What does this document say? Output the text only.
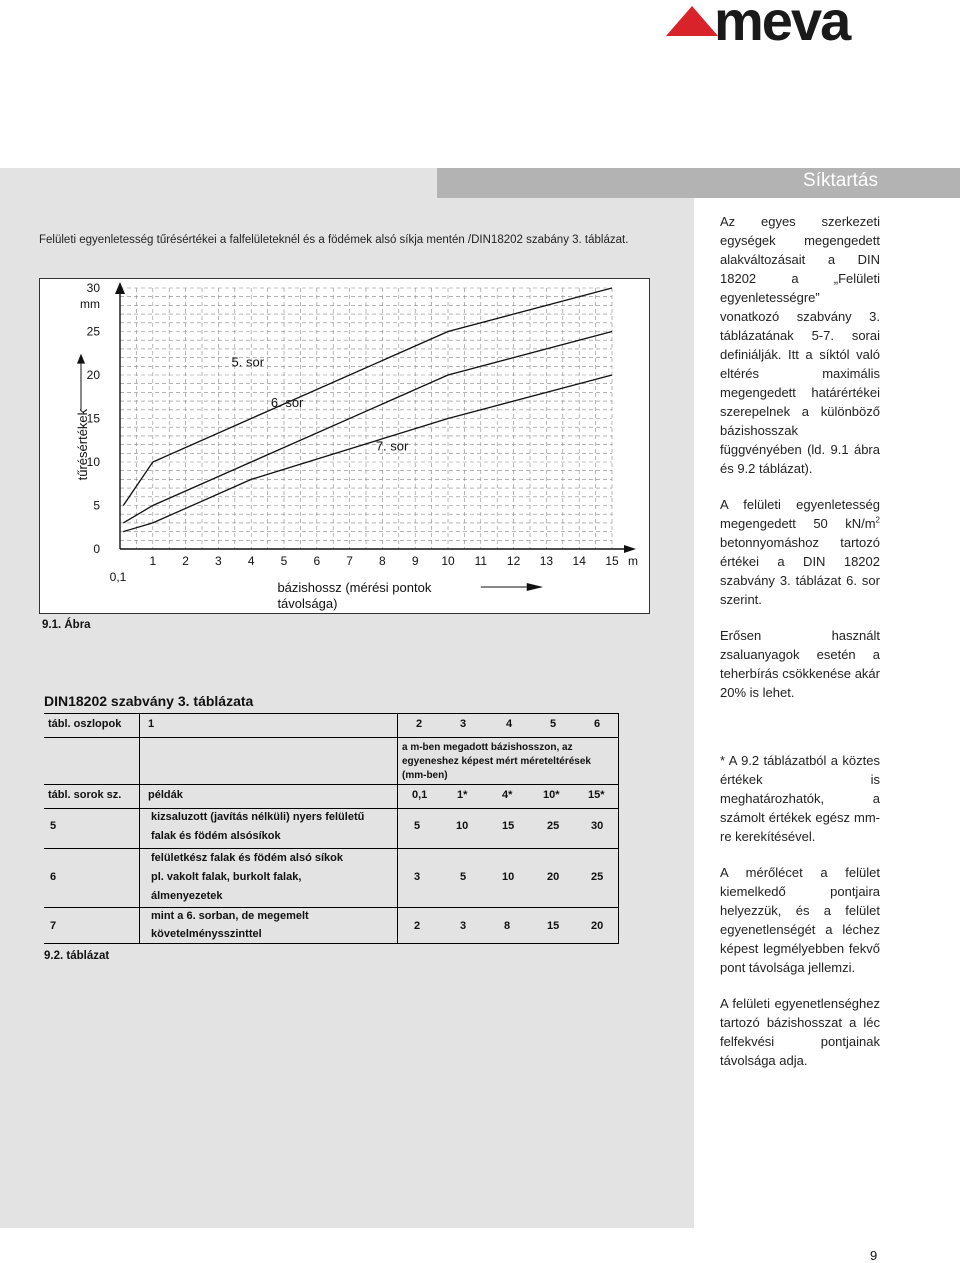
meva
Síktartás
Felületi egyenletesség tűrésértékei a falfelületeknél és a födémek alsó síkja mentén /DIN18202 szabány 3. táblázat.
0
5
10
15
20
25
30
mm
0,1
1 2 3 4 5 6 7 8 9 10 11 12 13 14 15 m
tűrésértékek
bázishossz (mérési pontok
távolsága)
5. sor
6. sor
7. sor
9.1. Ábra
DIN18202 szabvány 3. táblázata
tábl. oszlopok 1	2	3	4	5	6
a m-ben megadott bázishosszon, az egyeneshez képest mért méreteltérések (mm-ben)
tábl. sorok sz. példák	0,1	1*	4*	10*	15*
5
kizsaluzott (javítás nélküli) nyers felületű
falak és födém alsósíkok
5	10	15	25	30
6
felületkész falak és födém alsó síkok
pl. vakolt falak, burkolt falak,
álmenyezetek
3	5	10	20	25
7
mint a 6. sorban, de megemelt
követelménysszinttel
2	3	8	15	20
9.2. táblázat

Az egyes szerkezeti egységek megengedett alakváltozásait a DIN 18202 a „Felületi egyenletességre” vonatkozó szabvány 3. táblázatának 5-7. sorai definiálják. Itt a síktól való eltérés maximális megengedett határértékei szerepelnek a különböző bázishosszak függvényében (ld. 9.1 ábra és 9.2 táblázat).

A felületi egyenletesség megengedett 50 $kN/m^2$ betonnyomáshoz tartozó értékei a DIN 18202 szabvány 3. táblázat 6. sor szerint.

Erősen használt zsaluanyagok esetén a teherbírás csökkenése akár 20% is lehet.

* A 9.2 táblázatból a köztes értékek is meghatározhatók, a számolt értékek egész mm-re kerekítésével.

A mérőlécet a felület kiemelkedő pontjaira helyezzük, és a felület egyenetlenségét a léchez képest legmélyebben fekvő pont távolsága jellemzi.

A felületi egyenetlenséghez tartozó bázishosszat a léc felfekvési pontjainak távolsága adja.

9
